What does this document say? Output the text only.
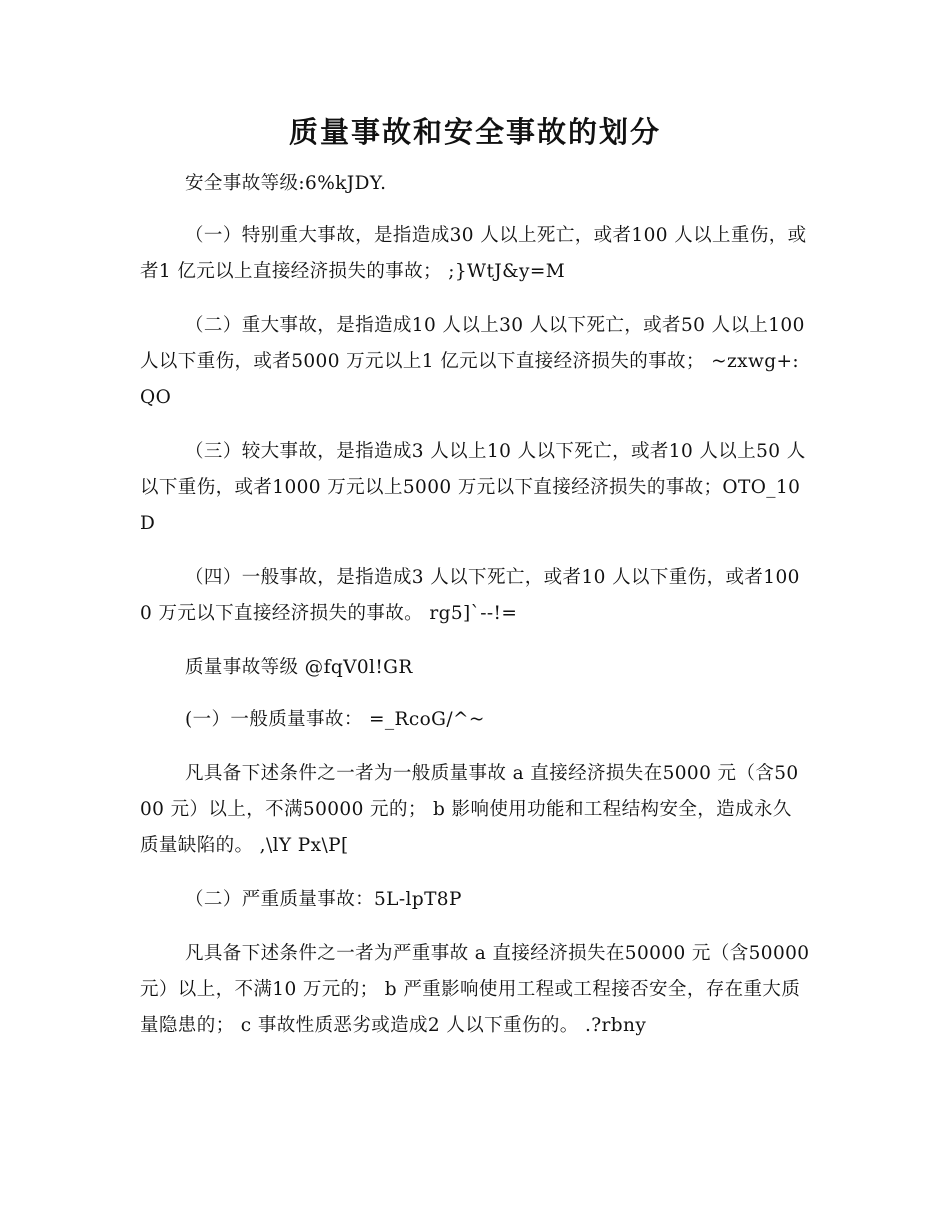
质量事故和安全事故的划分
安全事故等级:6%kJDY.
（一）特别重大事故，是指造成30 人以上死亡，或者100 人以上重伤，或 者1 亿元以上直接经济损失的事故； ;}WtJ&y=M
（二）重大事故，是指造成10 人以上30 人以下死亡，或者50 人以上100 人以下重伤，或者5000 万元以上1 亿元以下直接经济损失的事故； ~zxwg+:QO
（三）较大事故，是指造成3 人以上10 人以下死亡，或者10 人以上50 人 以下重伤，或者1000 万元以上5000 万元以下直接经济损失的事故；OTO_10D
（四）一般事故，是指造成3 人以下死亡，或者10 人以下重伤，或者1000 万元以下直接经济损失的事故。 rg5]`--!=
质量事故等级 @fqV0l!GR
(一）一般质量事故： =_RcoG/^~
凡具备下述条件之一者为一般质量事故 a 直接经济损失在5000 元（含5000 元）以上，不满50000 元的； b 影响使用功能和工程结构安全，造成永久质量缺陷的。 ,\lY Px\P[
（二）严重质量事故：5L-lpT8P
凡具备下述条件之一者为严重事故 a 直接经济损失在50000 元（含50000 元）以上，不满10 万元的； b 严重影响使用工程或工程接否安全，存在重大质量隐患的； c 事故性质恶劣或造成2 人以下重伤的。 .?rbny
